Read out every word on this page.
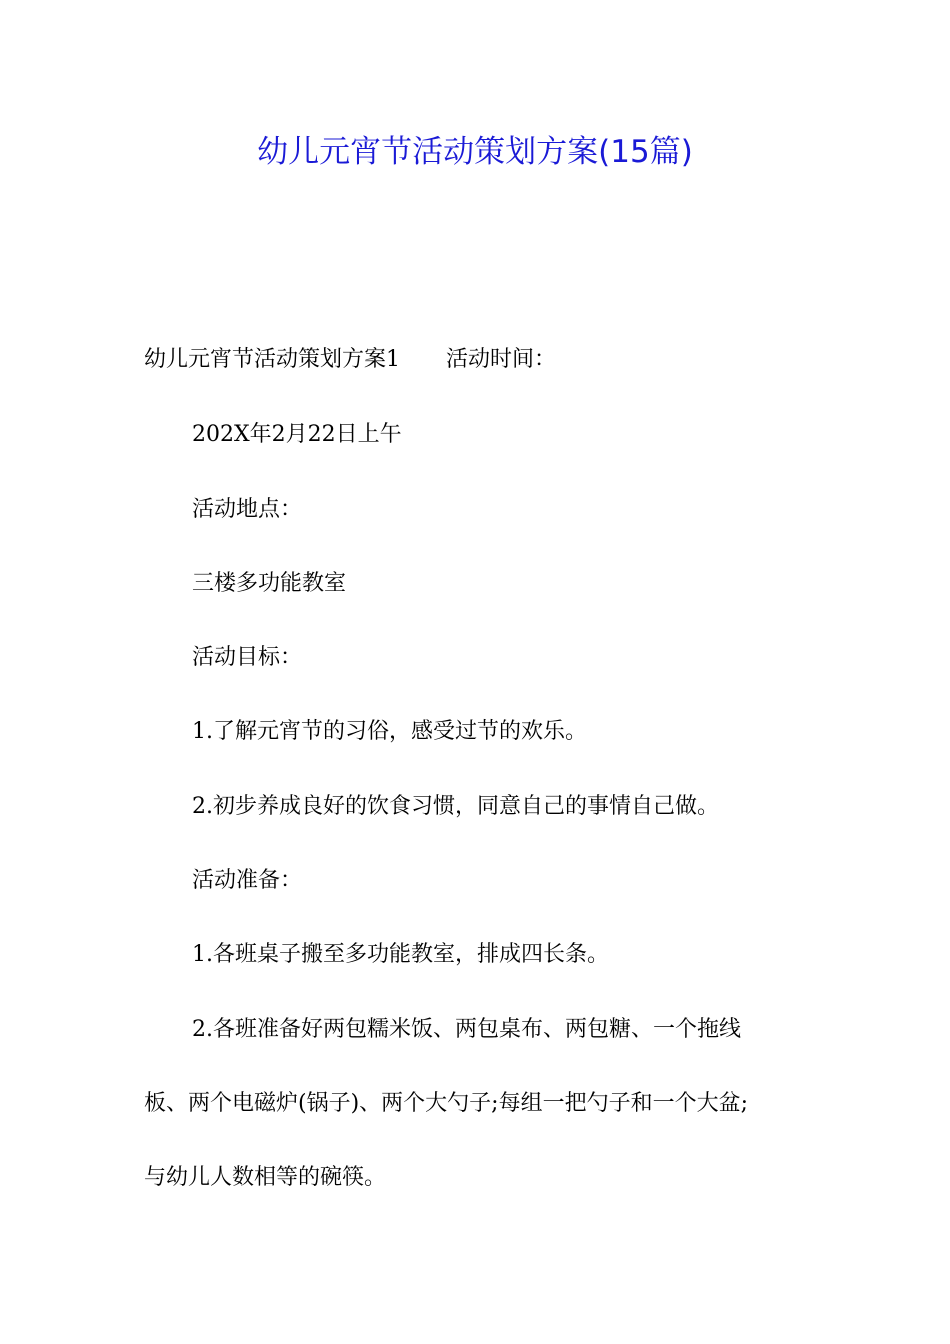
幼儿元宵节活动策划方案(15篇)
幼儿元宵节活动策划方案1 活动时间：
202X年2月22日上午
活动地点：
三楼多功能教室
活动目标：
1.了解元宵节的习俗，感受过节的欢乐。
2.初步养成良好的饮食习惯，同意自己的事情自己做。
活动准备：
1.各班桌子搬至多功能教室，排成四长条。
2.各班准备好两包糯米饭、两包桌布、两包糖、一个拖线
板、两个电磁炉(锅子)、两个大勺子;每组一把勺子和一个大盆;
与幼儿人数相等的碗筷。
